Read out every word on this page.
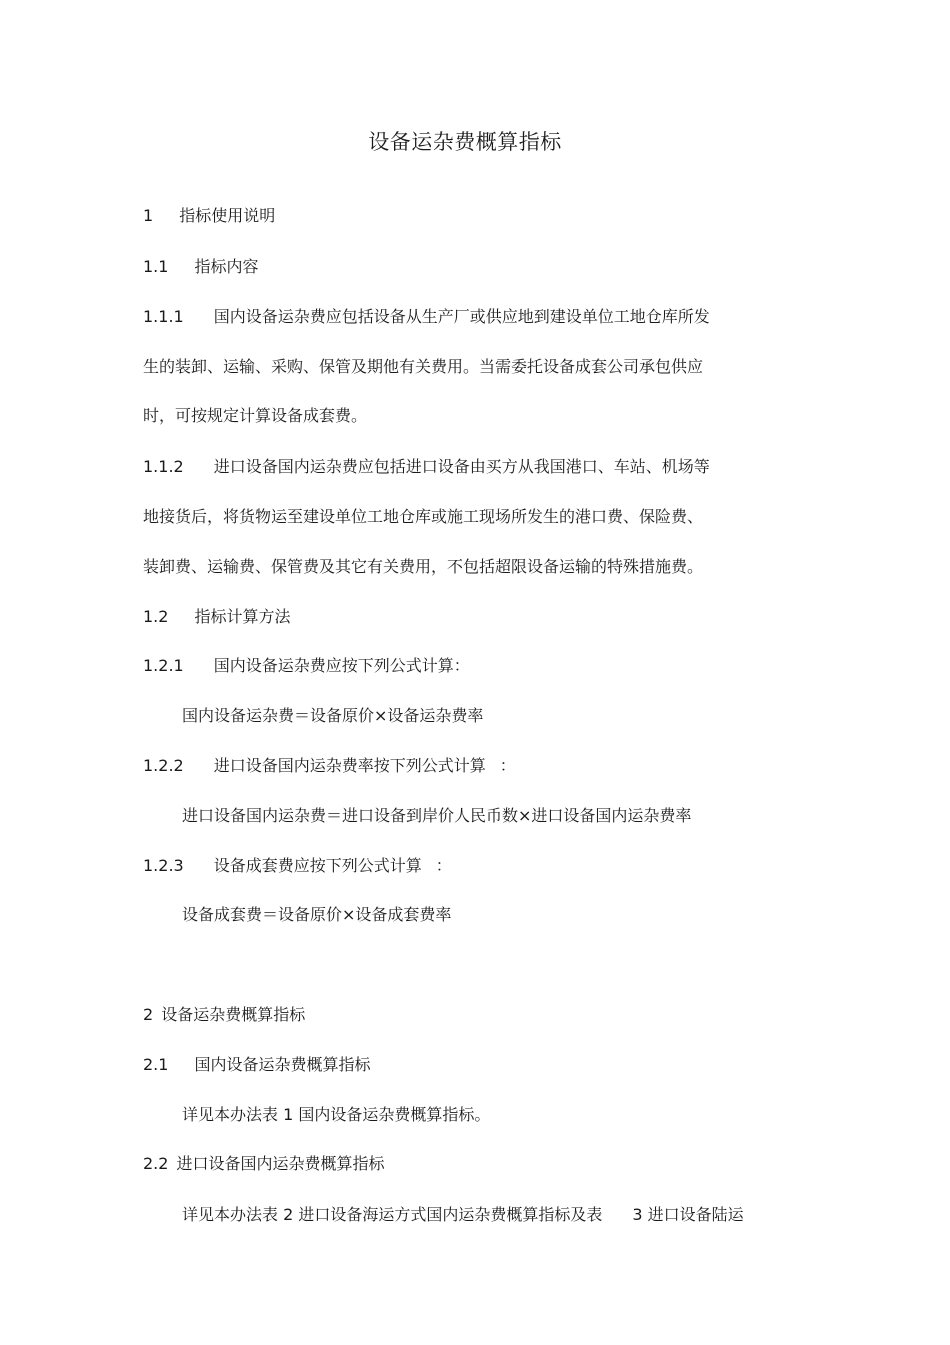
设备运杂费概算指标
1 指标使用说明
1.1 指标内容
1.1.1 国内设备运杂费应包括设备从生产厂或供应地到建设单位工地仓库所发
生的装卸、运输、采购、保管及期他有关费用。当需委托设备成套公司承包供应
时，可按规定计算设备成套费。
1.1.2 进口设备国内运杂费应包括进口设备由买方从我国港口、车站、机场等
地接货后，将货物运至建设单位工地仓库或施工现场所发生的港口费、保险费、
装卸费、运输费、保管费及其它有关费用，不包括超限设备运输的特殊措施费。
1.2 指标计算方法
1.2.1 国内设备运杂费应按下列公式计算：
国内设备运杂费＝设备原价×设备运杂费率
1.2.2 进口设备国内运杂费率按下列公式计算 ：
进口设备国内运杂费＝进口设备到岸价人民币数×进口设备国内运杂费率
1.2.3 设备成套费应按下列公式计算 ：
设备成套费＝设备原价×设备成套费率
2 设备运杂费概算指标
2.1 国内设备运杂费概算指标
详见本办法表 1 国内设备运杂费概算指标。
2.2 进口设备国内运杂费概算指标
详见本办法表 2 进口设备海运方式国内运杂费概算指标及表 3 进口设备陆运
